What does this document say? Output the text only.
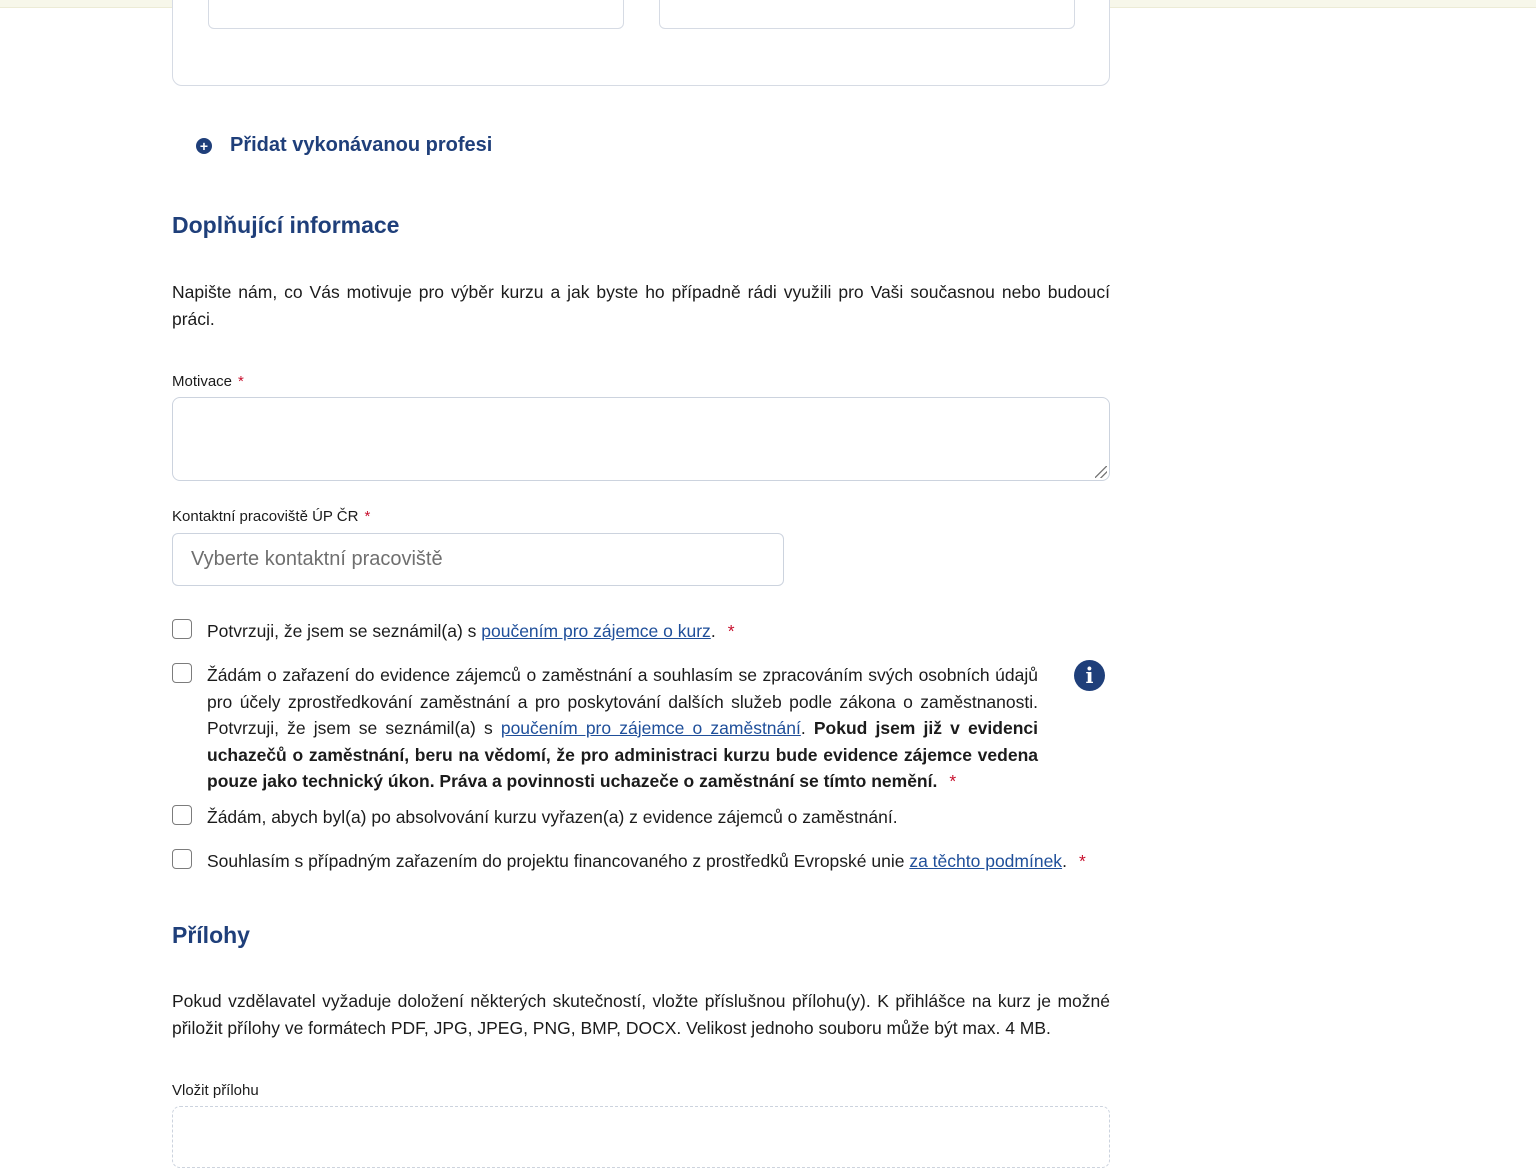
+ Přidat vykonávanou profesi
Doplňující informace

Napište nám, co Vás motivuje pro výběr kurzu a jak byste ho případně rádi využili pro Vaši současnou nebo budoucí práci.

Motivace *
Kontaktní pracoviště ÚP ČR *
Vyberte kontaktní pracoviště
Potvrzuji, že jsem se seznámil(a) s poučením pro zájemce o kurz. *
Žádám o zařazení do evidence zájemců o zaměstnání a souhlasím se zpracováním svých osobních údajů pro účely zprostředkování zaměstnání a pro poskytování dalších služeb podle zákona o zaměstnanosti. Potvrzuji, že jsem se seznámil(a) s poučením pro zájemce o zaměstnání. Pokud jsem již v evidenci uchazečů o zaměstnání, beru na vědomí, že pro administraci kurzu bude evidence zájemce vedena pouze jako technický úkon. Práva a povinnosti uchazeče o zaměstnání se tímto nemění. *
i
Žádám, abych byl(a) po absolvování kurzu vyřazen(a) z evidence zájemců o zaměstnání.
Souhlasím s případným zařazením do projektu financovaného z prostředků Evropské unie za těchto podmínek. *
Přílohy

Pokud vzdělavatel vyžaduje doložení některých skutečností, vložte příslušnou přílohu(y). K přihlášce na kurz je možné přiložit přílohy ve formátech PDF, JPG, JPEG, PNG, BMP, DOCX. Velikost jednoho souboru může být max. 4 MB.

Vložit přílohu
